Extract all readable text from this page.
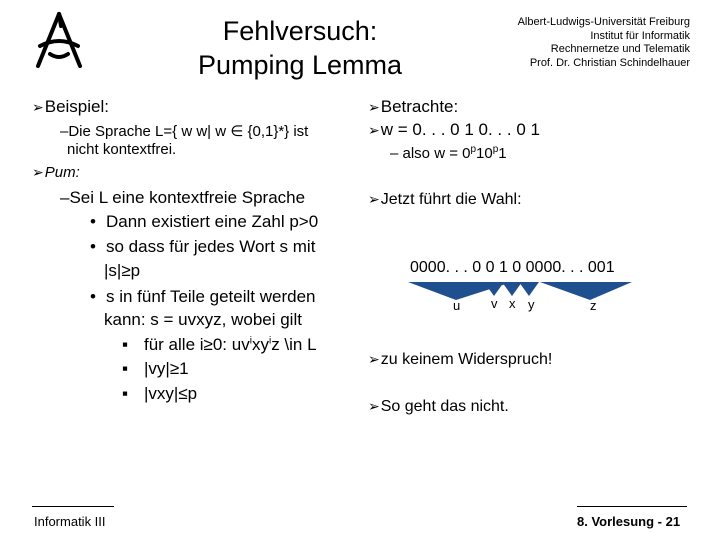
Fehlversuch:
Pumping Lemma
Albert-Ludwigs-Universität Freiburg
Institut für Informatik
Rechnernetze und Telematik
Prof. Dr. Christian Schindelhauer
➢Beispiel:
–Die Sprache L={ w w| w ∈ {0,1}*} ist
nicht kontextfrei.
➢Pum:
–Sei L eine kontextfreie Sprache
• Dann existiert eine Zahl p>0
• so dass für jedes Wort s mit
|s|≥p
• s in fünf Teile geteilt werden
kann: s = uvxyz, wobei gilt
▪ für alle i≥0: $uv^ixy^iz$ \in L
▪ |vy|≥1
▪ |vxy|≤p
➢Betrachte:
➢w = 0. . . 0 1 0. . . 0 1
– also $w = 0^p10^p1$
➢Jetzt führt die Wahl:
0000. . . 0 0 1 0 0000. . . 001
u v x y	z
➢zu keinem Widerspruch!
➢So geht das nicht.
Informatik III	8. Vorlesung - 21
